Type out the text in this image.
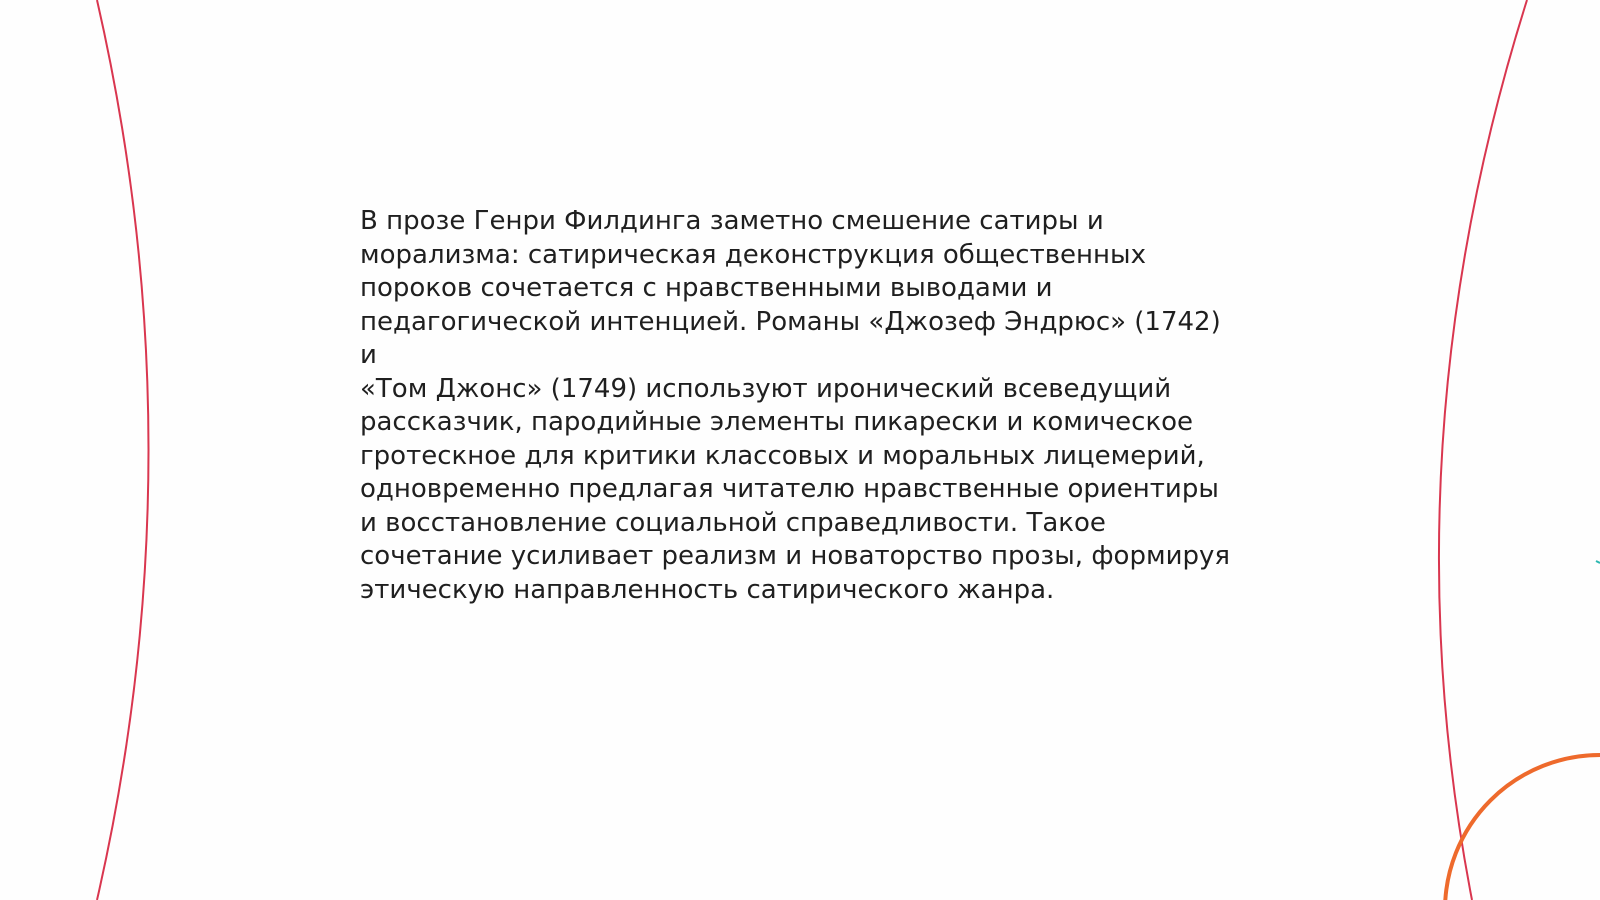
В прозе Генри Филдинга заметно смешение сатиры и
морализма: сатирическая деконструкция общественных
пороков сочетается с нравственными выводами и
педагогической интенцией. Романы «Джозеф Эндрюс» (1742) и
«Том Джонс» (1749) используют иронический всеведущий
рассказчик, пародийные элементы пикарески и комическое
гротескное для критики классовых и моральных лицемерий,
одновременно предлагая читателю нравственные ориентиры
и восстановление социальной справедливости. Такое
сочетание усиливает реализм и новаторство прозы, формируя
этическую направленность сатирического жанра.
